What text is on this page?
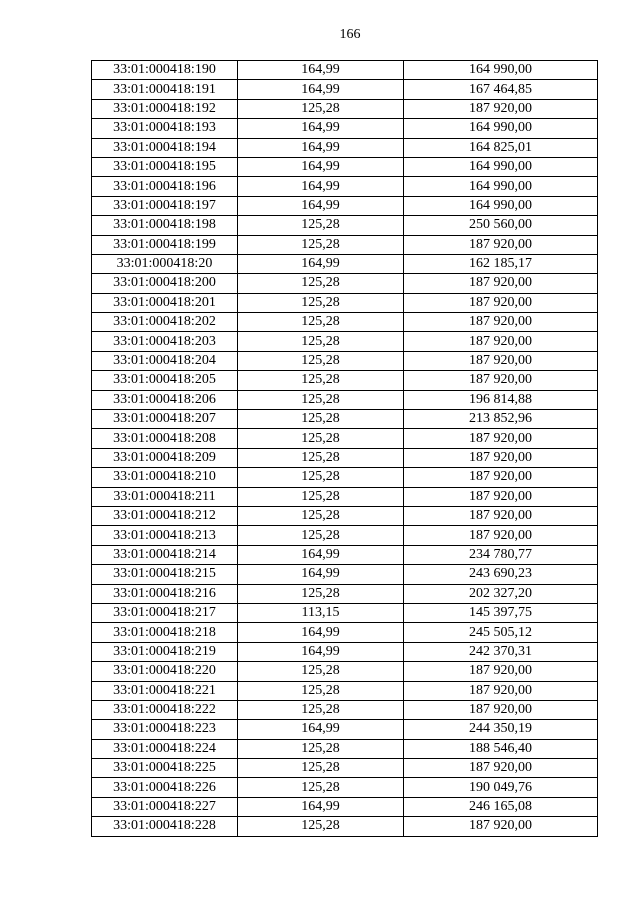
166
33:01:000418:190	164,99	164 990,00
33:01:000418:191	164,99	167 464,85
33:01:000418:192	125,28	187 920,00
33:01:000418:193	164,99	164 990,00
33:01:000418:194	164,99	164 825,01
33:01:000418:195	164,99	164 990,00
33:01:000418:196	164,99	164 990,00
33:01:000418:197	164,99	164 990,00
33:01:000418:198	125,28	250 560,00
33:01:000418:199	125,28	187 920,00
33:01:000418:20	164,99	162 185,17
33:01:000418:200	125,28	187 920,00
33:01:000418:201	125,28	187 920,00
33:01:000418:202	125,28	187 920,00
33:01:000418:203	125,28	187 920,00
33:01:000418:204	125,28	187 920,00
33:01:000418:205	125,28	187 920,00
33:01:000418:206	125,28	196 814,88
33:01:000418:207	125,28	213 852,96
33:01:000418:208	125,28	187 920,00
33:01:000418:209	125,28	187 920,00
33:01:000418:210	125,28	187 920,00
33:01:000418:211	125,28	187 920,00
33:01:000418:212	125,28	187 920,00
33:01:000418:213	125,28	187 920,00
33:01:000418:214	164,99	234 780,77
33:01:000418:215	164,99	243 690,23
33:01:000418:216	125,28	202 327,20
33:01:000418:217	113,15	145 397,75
33:01:000418:218	164,99	245 505,12
33:01:000418:219	164,99	242 370,31
33:01:000418:220	125,28	187 920,00
33:01:000418:221	125,28	187 920,00
33:01:000418:222	125,28	187 920,00
33:01:000418:223	164,99	244 350,19
33:01:000418:224	125,28	188 546,40
33:01:000418:225	125,28	187 920,00
33:01:000418:226	125,28	190 049,76
33:01:000418:227	164,99	246 165,08
33:01:000418:228	125,28	187 920,00
